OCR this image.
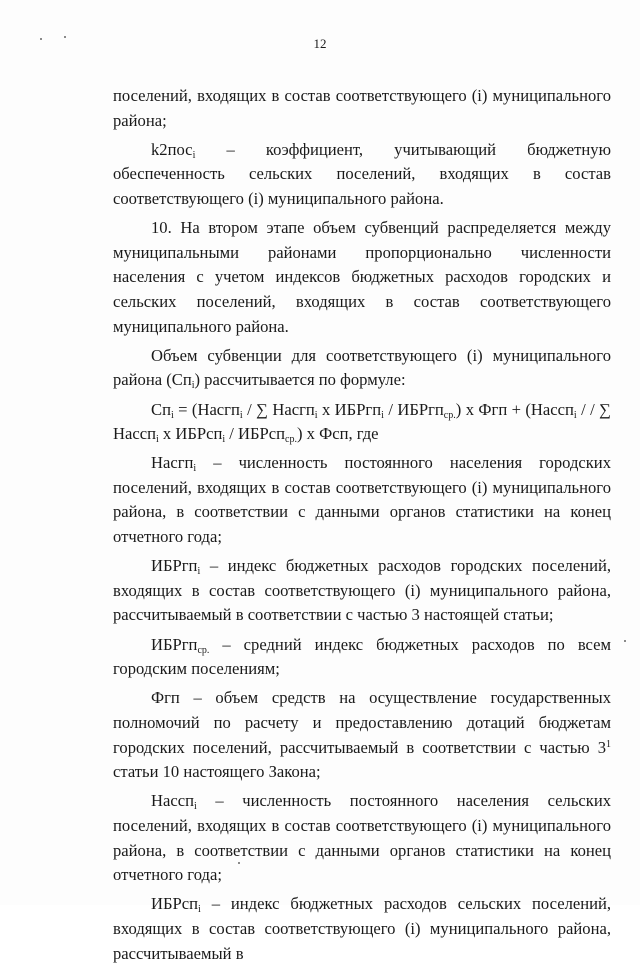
12

поселений, входящих в состав соответствующего (i) муниципального района;

k2пос$_i$ – коэффициент, учитывающий бюджетную обеспеченность сельских поселений, входящих в состав соответствующего (i) муниципального района.

10. На втором этапе объем субвенций распределяется между муниципальными районами пропорционально численности населения с учетом индексов бюджетных расходов городских и сельских поселений, входящих в состав соответствующего муниципального района.

Объем субвенции для соответствующего (i) муниципального района $(Сп_i)$ рассчитывается по формуле:

$Сп_i$ = (Насгп$_i$ / ∑ Насгп$_i$ х ИБРгп$_i$ / ИБРгп$_{ср.}$) х Фгп + (Нассп$_i$ / / ∑ Нассп$_i$ х ИБРсп$_i$ / ИБРсп$_{ср.}$) х Фсп, где

Насгп$_i$ – численность постоянного населения городских поселений, входящих в состав соответствующего (i) муниципального района, в соответствии с данными органов статистики на конец отчетного года;

ИБРгп$_i$ – индекс бюджетных расходов городских поселений, входящих в состав соответствующего (i) муниципального района, рассчитываемый в соответствии с частью 3 настоящей статьи;

ИБРгп$_{ср.}$ – средний индекс бюджетных расходов по всем городским поселениям;

Фгп – объем средств на осуществление государственных полномочий по расчету и предоставлению дотаций бюджетам городских поселений, рассчитываемый в соответствии с частью $3^1$ статьи 10 настоящего Закона;

Нассп$_i$ – численность постоянного населения сельских поселений, входящих в состав соответствующего (i) муниципального района, в соответствии с данными органов статистики на конец отчетного года;

ИБРсп$_i$ – индекс бюджетных расходов сельских поселений, входящих в состав соответствующего (i) муниципального района, рассчитываемый в
